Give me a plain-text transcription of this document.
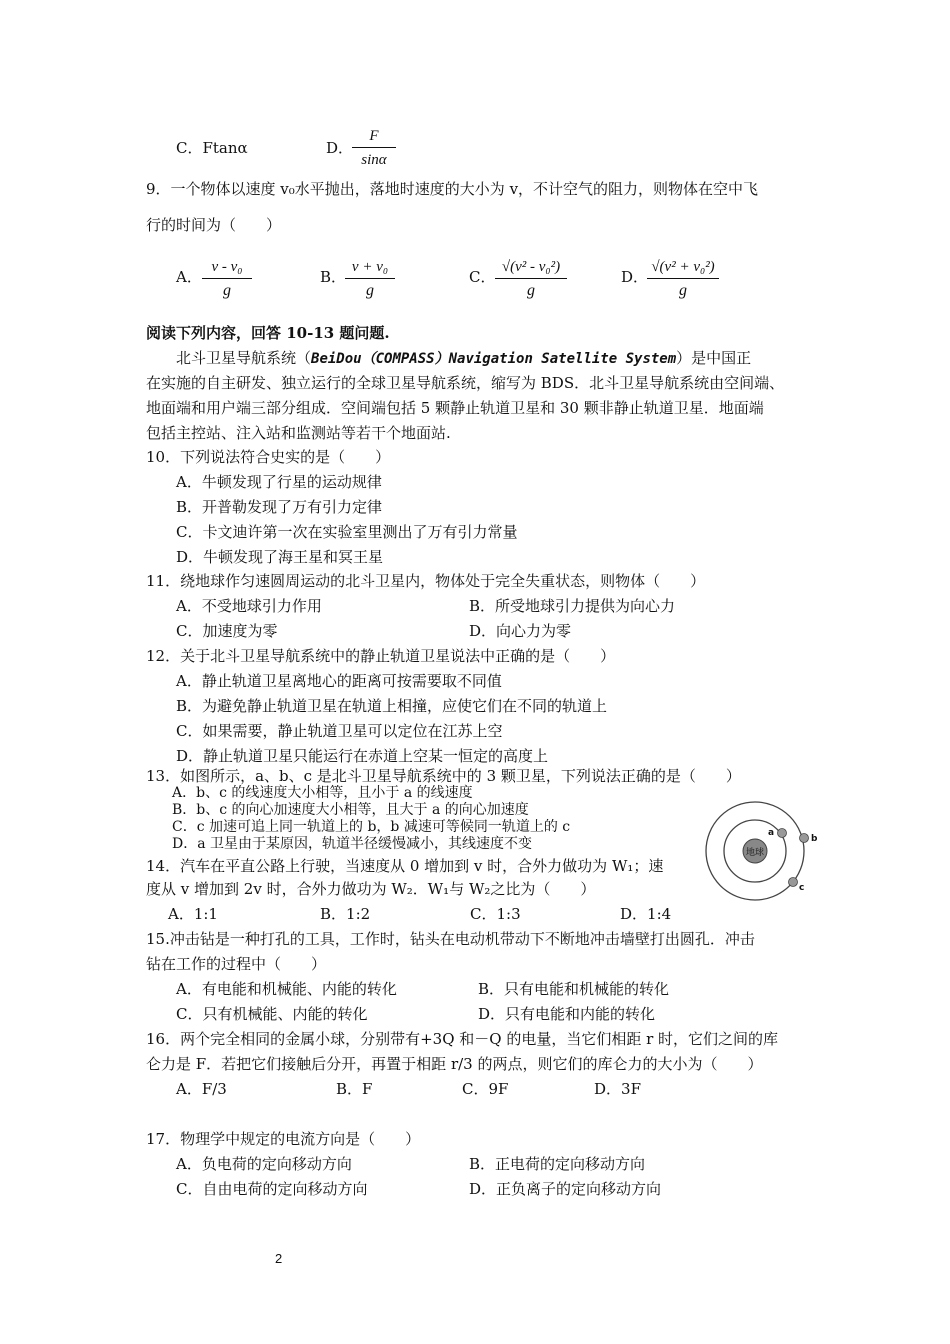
C．Ftanα	D．
F
sinα
9．一个物体以速度 v₀水平抛出，落地时速度的大小为 v，不计空气的阻力，则物体在空中飞
行的时间为（　　）
A．
v - v₀
g
B．
v + v₀
g
C．
√(v² - v₀²)
g
D．
√(v² + v₀²)
g
阅读下列内容，回答 10-13 题问题.
北斗卫星导航系统（BeiDou（COMPASS）Navigation Satellite System）是中国正
在实施的自主研发、独立运行的全球卫星导航系统，缩写为 BDS．北斗卫星导航系统由空间端、
地面端和用户端三部分组成．空间端包括 5 颗静止轨道卫星和 30 颗非静止轨道卫星．地面端
包括主控站、注入站和监测站等若干个地面站.
10．下列说法符合史实的是（　　）
A．牛顿发现了行星的运动规律
B．开普勒发现了万有引力定律
C．卡文迪许第一次在实验室里测出了万有引力常量
D．牛顿发现了海王星和冥王星
11．绕地球作匀速圆周运动的北斗卫星内，物体处于完全失重状态，则物体（　　）
A．不受地球引力作用	B．所受地球引力提供为向心力
C．加速度为零	D．向心力为零
12．关于北斗卫星导航系统中的静止轨道卫星说法中正确的是（　　）
A．静止轨道卫星离地心的距离可按需要取不同值
B．为避免静止轨道卫星在轨道上相撞，应使它们在不同的轨道上
C．如果需要，静止轨道卫星可以定位在江苏上空
D．静止轨道卫星只能运行在赤道上空某一恒定的高度上
13．如图所示，a、b、c 是北斗卫星导航系统中的 3 颗卫星，下列说法正确的是（　　）
A．b、c 的线速度大小相等，且小于 a 的线速度
B．b、c 的向心加速度大小相等，且大于 a 的向心加速度
C．c 加速可追上同一轨道上的 b，b 减速可等候同一轨道上的 c
D．a 卫星由于某原因，轨道半径缓慢减小，其线速度不变
地球
a
b
c
14．汽车在平直公路上行驶，当速度从 0 增加到 v 时，合外力做功为 W₁；速
度从 v 增加到 2v 时，合外力做功为 W₂．W₁与 W₂之比为（　　）
A．1:1	B．1:2	C．1:3	D．1:4
15.冲击钻是一种打孔的工具，工作时，钻头在电动机带动下不断地冲击墙壁打出圆孔．冲击
钻在工作的过程中（　　）
A．有电能和机械能、内能的转化	B．只有电能和机械能的转化
C．只有机械能、内能的转化	D．只有电能和内能的转化
16．两个完全相同的金属小球，分别带有+3Q 和－Q 的电量，当它们相距 r 时，它们之间的库
仑力是 F．若把它们接触后分开，再置于相距 r/3 的两点，则它们的库仑力的大小为（　　）
A．F/3	B．F	C．9F	D．3F
17．物理学中规定的电流方向是（　　）
A．负电荷的定向移动方向	B．正电荷的定向移动方向
C．自由电荷的定向移动方向	D．正负离子的定向移动方向
2
